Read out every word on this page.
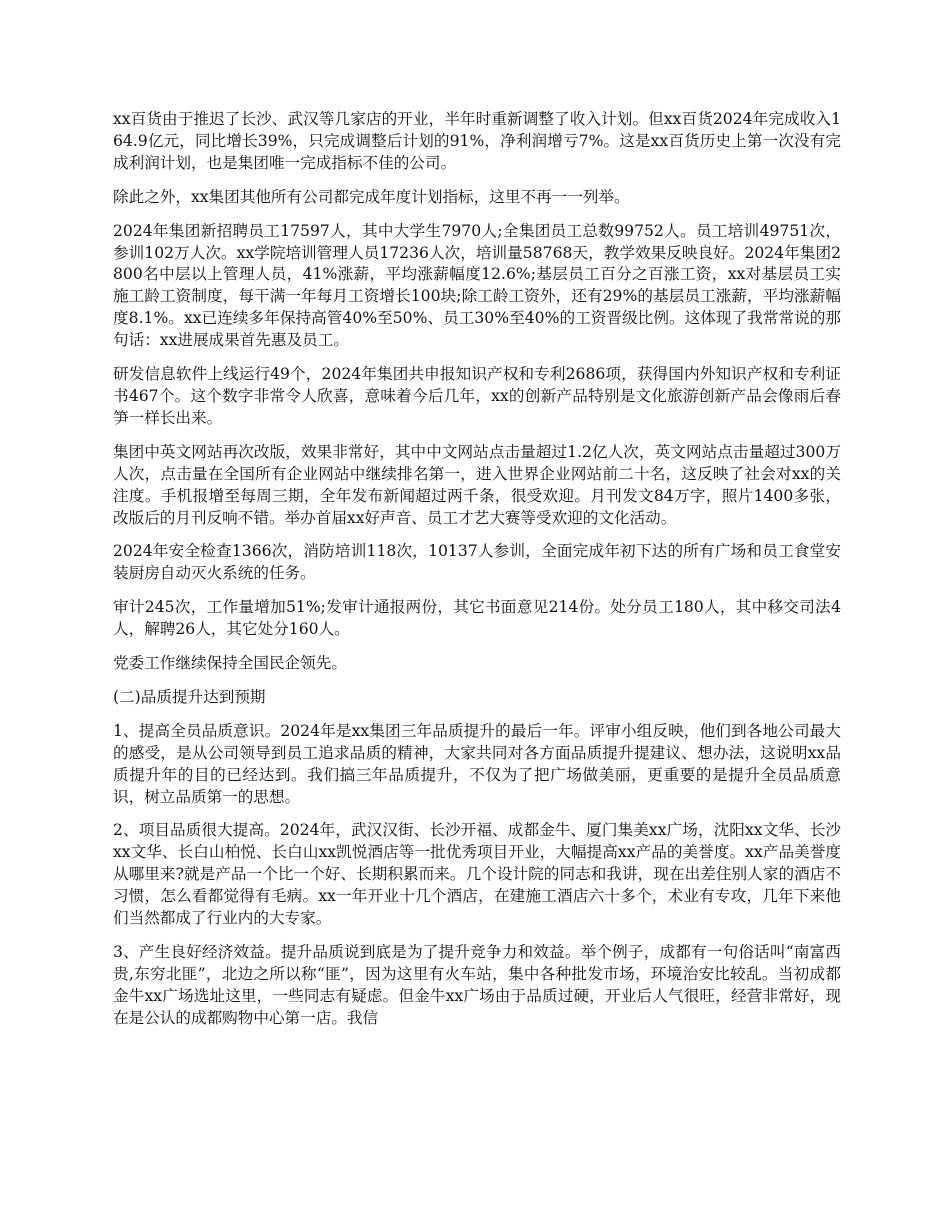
xx百货由于推迟了长沙、武汉等几家店的开业，半年时重新调整了收入计划。但xx百货2024年完成收入164.9亿元，同比增长39%，只完成调整后计划的91%，净利润增亏7%。这是xx百货历史上第一次没有完成利润计划，也是集团唯一完成指标不佳的公司。

除此之外，xx集团其他所有公司都完成年度计划指标，这里不再一一列举。

2024年集团新招聘员工17597人，其中大学生7970人;全集团员工总数99752人。员工培训49751次，参训102万人次。xx学院培训管理人员17236人次，培训量58768天，教学效果反映良好。2024年集团2800名中层以上管理人员，41%涨薪，平均涨薪幅度12.6%;基层员工百分之百涨工资，xx对基层员工实施工龄工资制度，每干满一年每月工资增长100块;除工龄工资外，还有29%的基层员工涨薪，平均涨薪幅度8.1%。xx已连续多年保持高管40%至50%、员工30%至40%的工资晋级比例。这体现了我常常说的那句话：xx进展成果首先惠及员工。

研发信息软件上线运行49个，2024年集团共申报知识产权和专利2686项，获得国内外知识产权和专利证书467个。这个数字非常令人欣喜，意味着今后几年，xx的创新产品特别是文化旅游创新产品会像雨后春笋一样长出来。

集团中英文网站再次改版，效果非常好，其中中文网站点击量超过1.2亿人次，英文网站点击量超过300万人次，点击量在全国所有企业网站中继续排名第一，进入世界企业网站前二十名，这反映了社会对xx的关注度。手机报增至每周三期，全年发布新闻超过两千条，很受欢迎。月刊发文84万字，照片1400多张，改版后的月刊反响不错。举办首届xx好声音、员工才艺大赛等受欢迎的文化活动。

2024年安全检查1366次，消防培训118次，10137人参训，全面完成年初下达的所有广场和员工食堂安装厨房自动灭火系统的任务。

审计245次，工作量增加51%;发审计通报两份，其它书面意见214份。处分员工180人，其中移交司法4人，解聘26人，其它处分160人。

党委工作继续保持全国民企领先。

(二)品质提升达到预期

1、提高全员品质意识。2024年是xx集团三年品质提升的最后一年。评审小组反映，他们到各地公司最大的感受，是从公司领导到员工追求品质的精神，大家共同对各方面品质提升提建议、想办法，这说明xx品质提升年的目的已经达到。我们搞三年品质提升，不仅为了把广场做美丽，更重要的是提升全员品质意识，树立品质第一的思想。

2、项目品质很大提高。2024年，武汉汉街、长沙开福、成都金牛、厦门集美xx广场，沈阳xx文华、长沙xx文华、长白山柏悦、长白山xx凯悦酒店等一批优秀项目开业，大幅提高xx产品的美誉度。xx产品美誉度从哪里来?就是产品一个比一个好、长期积累而来。几个设计院的同志和我讲，现在出差住别人家的酒店不习惯，怎么看都觉得有毛病。xx一年开业十几个酒店，在建施工酒店六十多个，术业有专攻，几年下来他们当然都成了行业内的大专家。

3、产生良好经济效益。提升品质说到底是为了提升竞争力和效益。举个例子，成都有一句俗话叫“南富西贵,东穷北匪”，北边之所以称“匪”，因为这里有火车站，集中各种批发市场，环境治安比较乱。当初成都金牛xx广场选址这里，一些同志有疑虑。但金牛xx广场由于品质过硬，开业后人气很旺，经营非常好，现在是公认的成都购物中心第一店。我信
